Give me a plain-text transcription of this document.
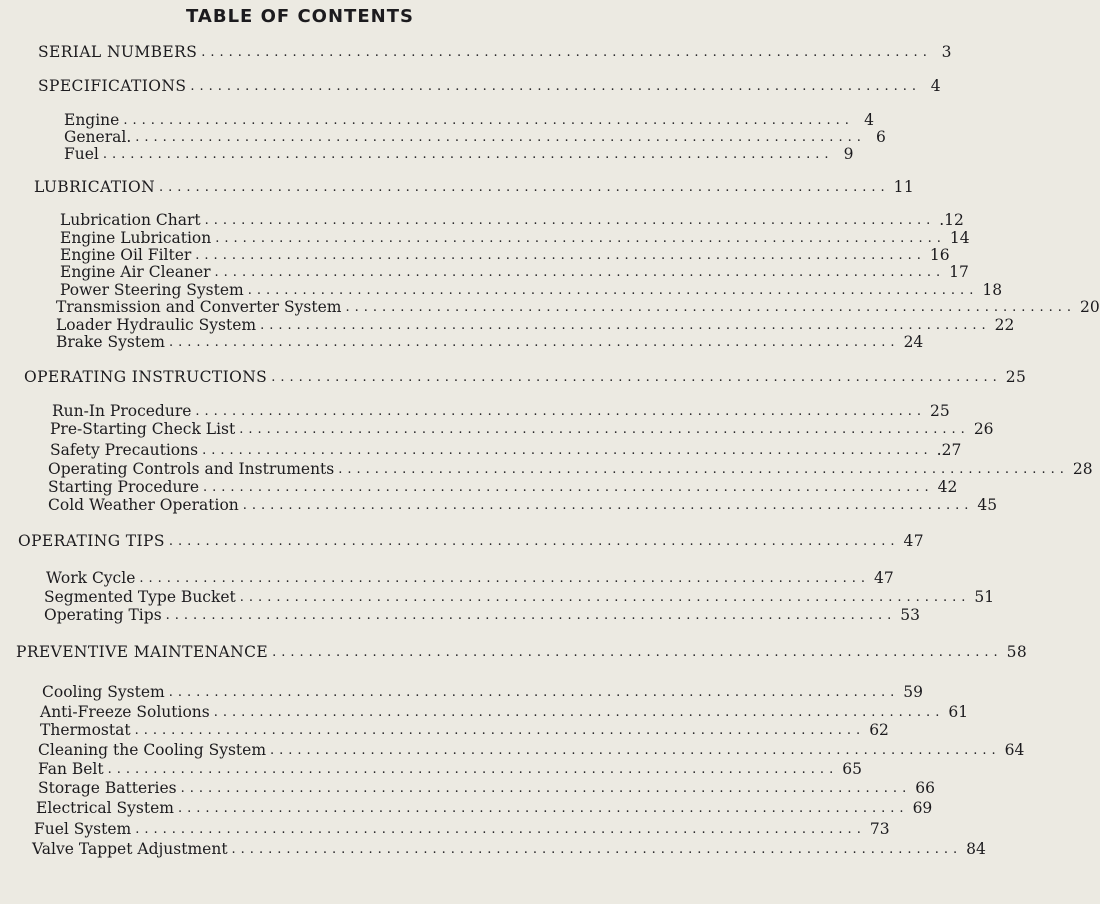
TABLE OF CONTENTS
SERIAL NUMBERS ................................................................................ 3
SPECIFICATIONS ................................................................................ 4
Engine ................................................................................ 4
General. ................................................................................ 6
Fuel ................................................................................ 9
LUBRICATION ................................................................................ 11
Lubrication Chart ................................................................................ .12
Engine Lubrication ................................................................................ 14
Engine Oil Filter ................................................................................ 16
Engine Air Cleaner ................................................................................ 17
Power Steering System ................................................................................ 18
Transmission and Converter System ................................................................................ 20
Loader Hydraulic System ................................................................................ 22
Brake System ................................................................................ 24
OPERATING INSTRUCTIONS ................................................................................ 25
Run-In Procedure ................................................................................ 25
Pre-Starting Check List ................................................................................ 26
Safety Precautions ................................................................................ .27
Operating Controls and Instruments ................................................................................ 28
Starting Procedure ................................................................................ 42
Cold Weather Operation ................................................................................ 45
OPERATING TIPS ................................................................................ 47
Work Cycle ................................................................................ 47
Segmented Type Bucket ................................................................................ 51
Operating Tips ................................................................................ 53
PREVENTIVE MAINTENANCE ................................................................................ 58
Cooling System ................................................................................ 59
Anti-Freeze Solutions ................................................................................ 61
Thermostat ................................................................................ 62
Cleaning the Cooling System ................................................................................ 64
Fan Belt ................................................................................ 65
Storage Batteries ................................................................................ 66
Electrical System ................................................................................ 69
Fuel System ................................................................................ 73
Valve Tappet Adjustment ................................................................................ 84
